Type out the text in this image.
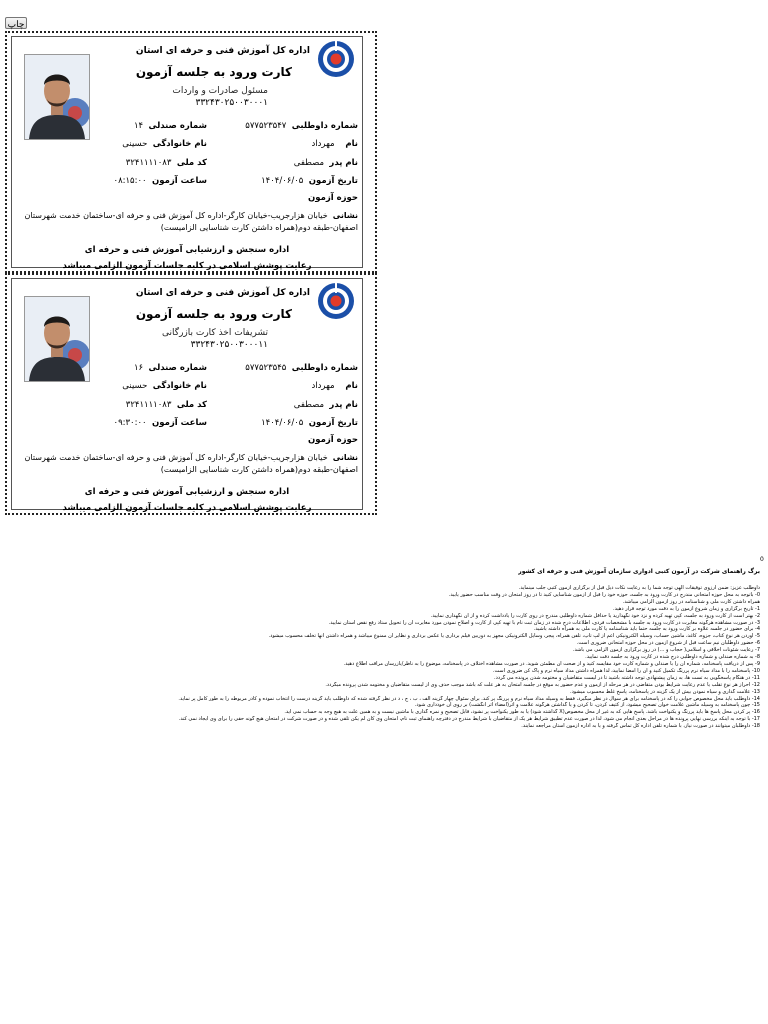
چاپ
اداره کل آموزش فنی و حرفه ای استان
کارت ورود به جلسه آزمون
مسئول صادرات و واردات
۳۳۲۴۳۰۲۵۰۰۳۰۰۰۱
شماره داوطلبی  ۵۷۷۵۲۳۵۴۷
شماره صندلی  ۱۴
نام    مهرداد
نام خانوادگی  حسینی
نام پدر  مصطفی
کد ملی  ۳۲۴۱۱۱۱۰۸۳
تاریخ آزمون  ۱۴۰۴/۰۶/۰۵
ساعت آزمون  ۰۸:۱۵:۰۰
حوزه آزمون
نشانی  خیابان هزارجریب-خیابان کارگر-اداره کل آموزش فنی و حرفه ای-ساختمان خدمت شهرستان اصفهان-طبقه دوم(همراه داشتن کارت شناسایی الزامیست)
اداره سنجش و ارزشیابی آموزش فنی و حرفه ای
رعایت پوشش اسلامی در کلیه جلسات آزمون الزامی میباشد
اداره کل آموزش فنی و حرفه ای استان
کارت ورود به جلسه آزمون
تشریفات اخذ کارت بازرگانی
۳۳۲۴۳۰۲۵۰۰۳۰۰۰۱۱
شماره داوطلبی  ۵۷۷۵۲۳۵۴۵
شماره صندلی  ۱۶
نام    مهرداد
نام خانوادگی  حسینی
نام پدر  مصطفی
کد ملی  ۳۲۴۱۱۱۱۰۸۳
تاریخ آزمون  ۱۴۰۴/۰۶/۰۵
ساعت آزمون  ۰۹:۳۰:۰۰
حوزه آزمون
نشانی  خیابان هزارجریب-خیابان کارگر-اداره کل آموزش فنی و حرفه ای-ساختمان خدمت شهرستان اصفهان-طبقه دوم(همراه داشتن کارت شناسایی الزامیست)
اداره سنجش و ارزشیابی آموزش فنی و حرفه ای
رعایت پوشش اسلامی در کلیه جلسات آزمون الزامی میباشد
0
برگ راهنمای شرکت در آزمون کتبی ادواری سازمان آموزش فنی و حرفه ای کشور
داوطلب عزیز: ضمن آرزوی توفیقات الهی توجه شما را به رعایت نکات ذیل قبل از برگزاری آزمون کتبی جلب مینماید.
0- باتوجه به محل حوزه امتحانی مندرج در کارت ورود به جلسه، حوزه خود را قبل از آزمون شناسایی کنید تا در روز امتحان در وقت مناسب حضور یابید.
همراه داشتن کارت ملی و شناسنامه در روز آزمون الزامی میباشد.
1- تاریخ برگزاری و زمان شروع آزمون را به دقت مورد توجه قرار دهید.
2- بهتر است از کارت ورود به جلسه، کپی تهیه کرده و نزد خود نگهدارید یا حداقل شماره داوطلبی مندرج در روی کارت را یادداشت کرده و از آن نگهداری نمایید.
3- در صورت مشاهده هرگونه مغایرت در کارت ورود به جلسه با مشخصات فردی، اطلاعات درج شده در زمان ثبت نام با تهیه کپی از کارت و اصلاح نمودن مورد مغایرت آن را تحویل ستاد رفع نقص استان نمایید.
4- برای حضور در جلسه علاوه بر کارت ورود به جلسه حتما باید شناسنامه یا کارت ملی به همراه داشته باشید.
5- آوردن هر نوع کتاب، جزوه، کاغذ، ماشین حساب، وسیله الکترونیکی اعم از لپ تاپ، تلفن همراه، پیجر، وسایل الکترونیکی مجهز به دوربین فیلم برداری یا عکس برداری و نظایر آن ممنوع میباشد و همراه داشتن آنها تخلف محسوب میشود.
6- حضور داوطلبان نیم ساعت قبل از شروع آزمون در محل حوزه امتحانی ضروری است.
7- رعایت شئونات اخلاقی و اسلامی( حجاب و ...) در روز برگزاری آزمون الزامی می باشد.
8- به شماره صندلی و شماره داوطلبی درج شده در کارت ورود به جلسه دقت نمایید.
9- پس از دریافت پاسخنامه، شماره آن را با صندلی و شماره کارت خود مقایسه کنید و از صحت آن مطمئن شوید. در صورت مشاهده اختلاف در پاسخنامه، موضوع را به ناظر/بازرسان مراقب اطلاع دهید.
10- پاسخنامه را با مداد سیاه نرم پررنگ تکمیل کنید و آن را امضا نمایید، لذا همراه داشتن مداد سیاه نرم و پاک کن ضروری است.
11- در هنگام پاسخگویی به تست ها، به زمان پیشنهادی توجه داشته باشید تا در لیست متقاضیان و مختومه شدن پرونده می گردد.
12- احراز هر نوع تقلب یا عدم رعایت شرایط بودن متقاضی در هر مرحله از آزمون و عدم حضور به موقع در جلسه امتحان به هر علت که باشد موجب حذف وی از لیست متقاضیان و مختومه شدن پرونده میگردد.
13- علامت گذاری و سیاه نمودن بیش از یک گزینه در پاسخنامه، پاسخ غلط محسوب میشود.
14- داوطلب باید محل مخصوص جوابی را که در پاسخنامه برای هر سوال در نظر میگیرد، فقط به وسیله مداد سیاه نرم و پررنگ پر کند. برای سئوال چهار گزینه الف ، ب ، ج ، د در نظر گرفته شده که داوطلب باید گزینه درست را انتخاب نموده و کادر مربوطه را به طور کامل پر نماید.
15- چون پاسخنامه به وسیله ماشین علامت خوان تصحیح میشود، از کثیف کردن، تا کردن و یا گذاشتن هرگونه علامت و اثر(امضاء اثر انگشت) بر روی آن خودداری شود.
16- پر کردن محل پاسخ ها باید پررنگ و یکنواخت باشد. پاسخ هایی که به غیر از محل مخصوص(X گذاشته شود) یا به طور یکنواخت پر نشود، قابل تصحیح و نمره گذاری با ماشین نیست و به همین علت به هیچ وجه به حساب نمی آید.
17- با توجه به اینکه بررسی نهایی پرونده ها در مراحل بعدی انجام می شود، لذا در صورت عدم تطبیق شرایط هر یک از متقاضیان با شرایط مندرج در دفترچه راهنمای ثبت نام، امتحان وی کان لم یکن تلقی شده و در صورت شرکت در امتحان هیچ گونه حقی را برای وی ایجاد نمی کند.
18- داوطلبان میتوانند در صورت نیاز، با شماره تلفن اداره کل تماس گرفته و یا به اداره آزمون استان مراجعه نمایند.
